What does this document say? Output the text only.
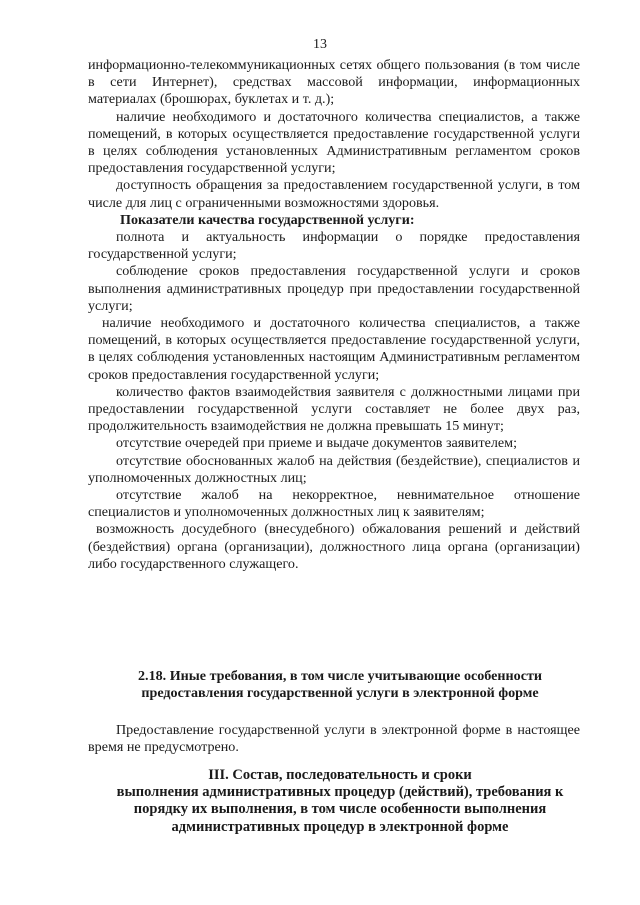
13

информационно-телекоммуникационных сетях общего пользования (в том числе в сети Интернет), средствах массовой информации, информационных материалах (брошюрах, буклетах и т. д.);

наличие необходимого и достаточного количества специалистов, а также помещений, в которых осуществляется предоставление государственной услуги в целях соблюдения установленных Административным регламентом сроков предоставления государственной услуги;

доступность обращения за предоставлением государственной услуги, в том числе для лиц с ограниченными возможностями здоровья.

Показатели качества государственной услуги:

полнота и актуальность информации о порядке предоставления государственной услуги;

соблюдение сроков предоставления государственной услуги и сроков выполнения административных процедур при предоставлении государственной услуги;

наличие необходимого и достаточного количества специалистов, а также помещений, в которых осуществляется предоставление государственной услуги, в целях соблюдения установленных настоящим Административным регламентом сроков предоставления государственной услуги;

количество фактов взаимодействия заявителя с должностными лицами при предоставлении государственной услуги составляет не более двух раз, продолжительность взаимодействия не должна превышать 15 минут;

отсутствие очередей при приеме и выдаче документов заявителем;

отсутствие обоснованных жалоб на действия (бездействие), специалистов и уполномоченных должностных лиц;

отсутствие жалоб на некорректное, невнимательное отношение специалистов и уполномоченных должностных лиц к заявителям;

возможность досудебного (внесудебного) обжалования решений и действий (бездействия) органа (организации), должностного лица органа (организации) либо государственного служащего.

2.18. Иные требования, в том числе учитывающие особенности
предоставления государственной услуги в электронной форме

Предоставление государственной услуги в электронной форме в настоящее время не предусмотрено.

III. Состав, последовательность и сроки
выполнения административных процедур (действий), требования к
порядку их выполнения, в том числе особенности выполнения
административных процедур в электронной форме
